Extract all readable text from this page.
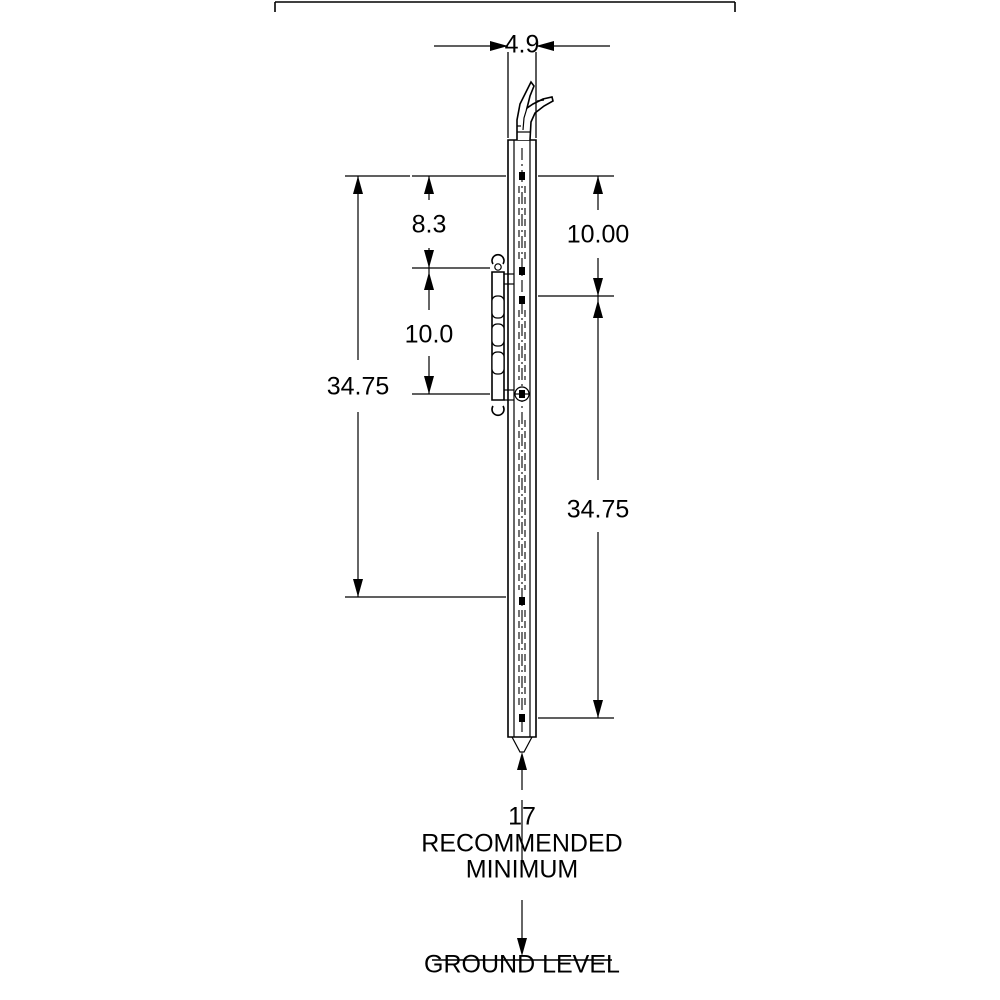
4.9
8.3
10.0
34.75
10.00
34.75
17
RECOMMENDED
MINIMUM
GROUND LEVEL
